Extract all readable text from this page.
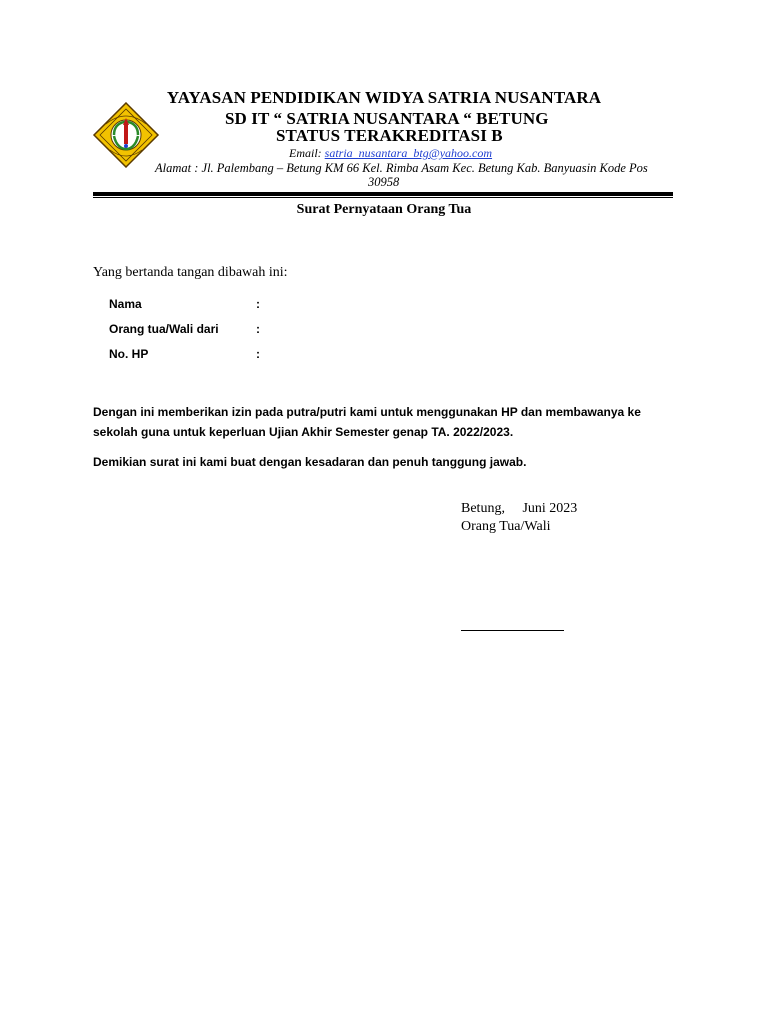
YAYASAN PENDIDIKAN WIDYA SATRIA NUSANTARA
SD IT “ SATRIA NUSANTARA “ BETUNG
STATUS TERAKREDITASI B
Email: satria_nusantara_btg@yahoo.com
Alamat : Jl. Palembang – Betung KM 66 Kel. Rimba Asam Kec. Betung Kab. Banyuasin Kode Pos
30958
Surat Pernyataan Orang Tua
Yang bertanda tangan dibawah ini:
Nama	:
Orang tua/Wali dari	:
No. HP	:
Dengan ini memberikan izin pada putra/putri kami untuk menggunakan HP dan membawanya ke
sekolah guna untuk keperluan Ujian Akhir Semester genap TA. 2022/2023.
Demikian surat ini kami buat dengan kesadaran dan penuh tanggung jawab.
Betung,     Juni 2023
Orang Tua/Wali
